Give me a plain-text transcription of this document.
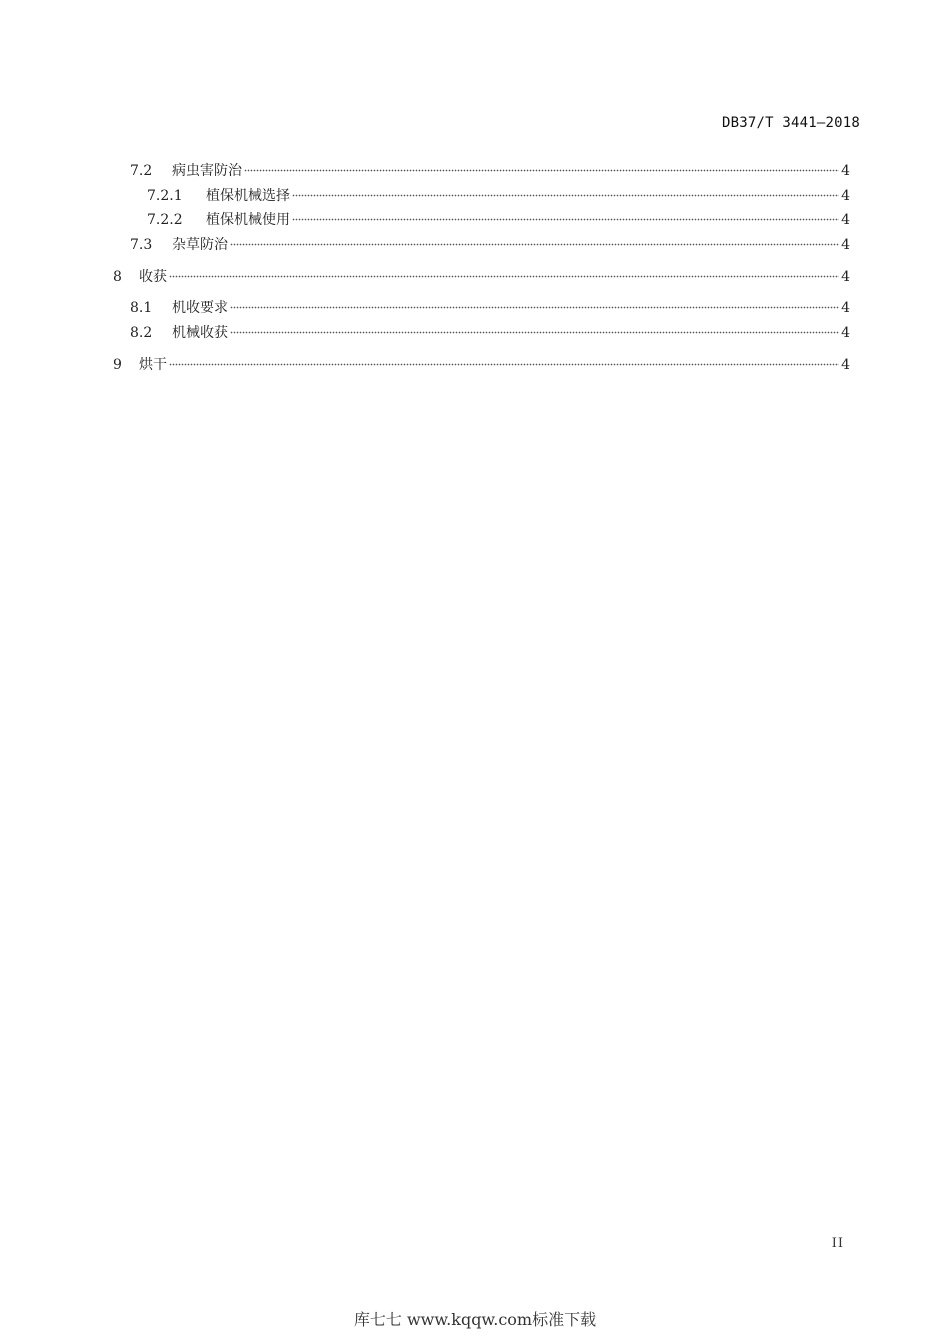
DB37/T 3441—2018
7.2	病虫害防治	4
7.2.1	植保机械选择	4
7.2.2	植保机械使用	4
7.3	杂草防治	4
8	收获	4
8.1	机收要求	4
8.2	机械收获	4
9	烘干	4
II
库七七 www.kqqw.com标准下载
